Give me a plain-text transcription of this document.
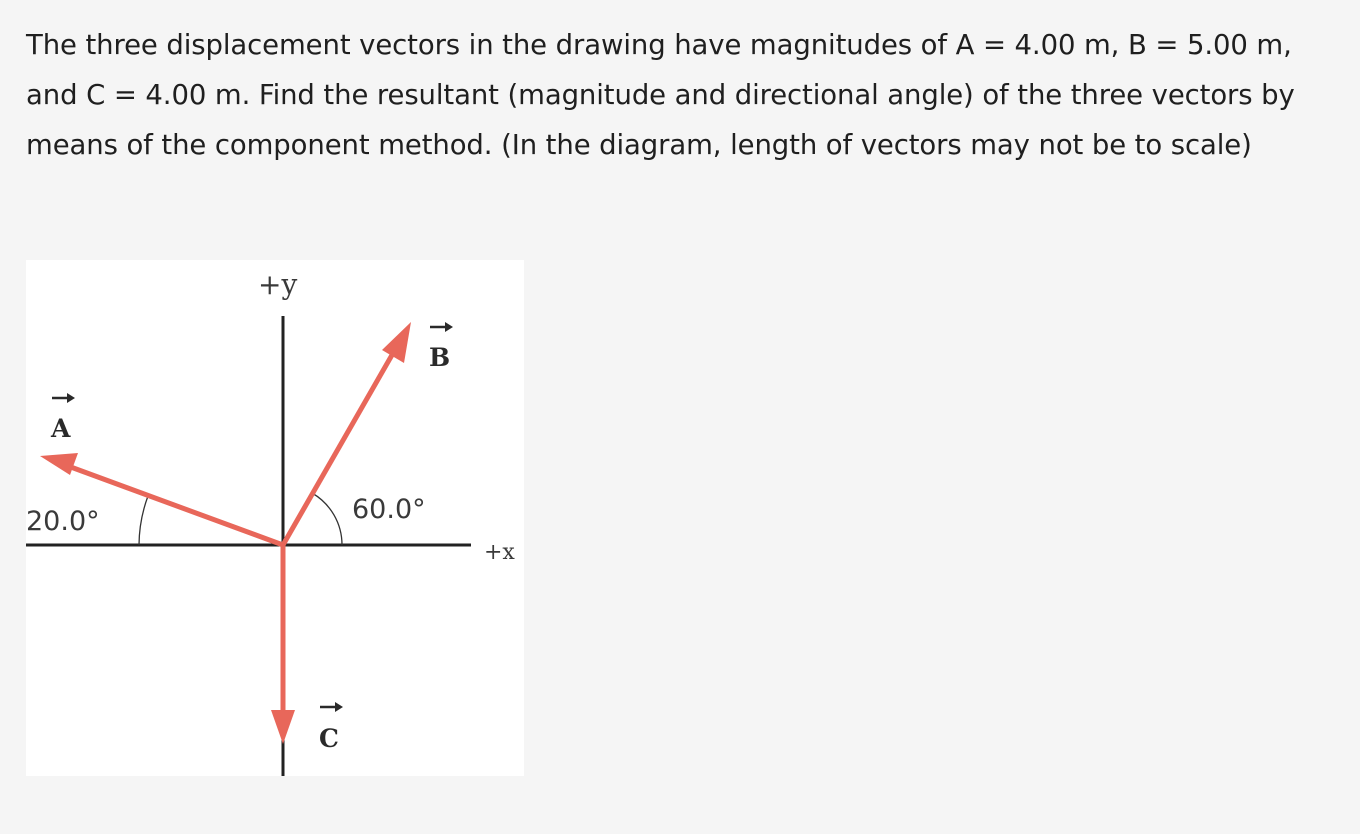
The three displacement vectors in the drawing have magnitudes of A = 4.00 m, B = 5.00 m, and C = 4.00 m. Find the resultant (magnitude and directional angle) of the three vectors by means of the component method. (In the diagram, length of vectors may not be to scale)
+y
+x
B
A
C
20.0°	60.0°
